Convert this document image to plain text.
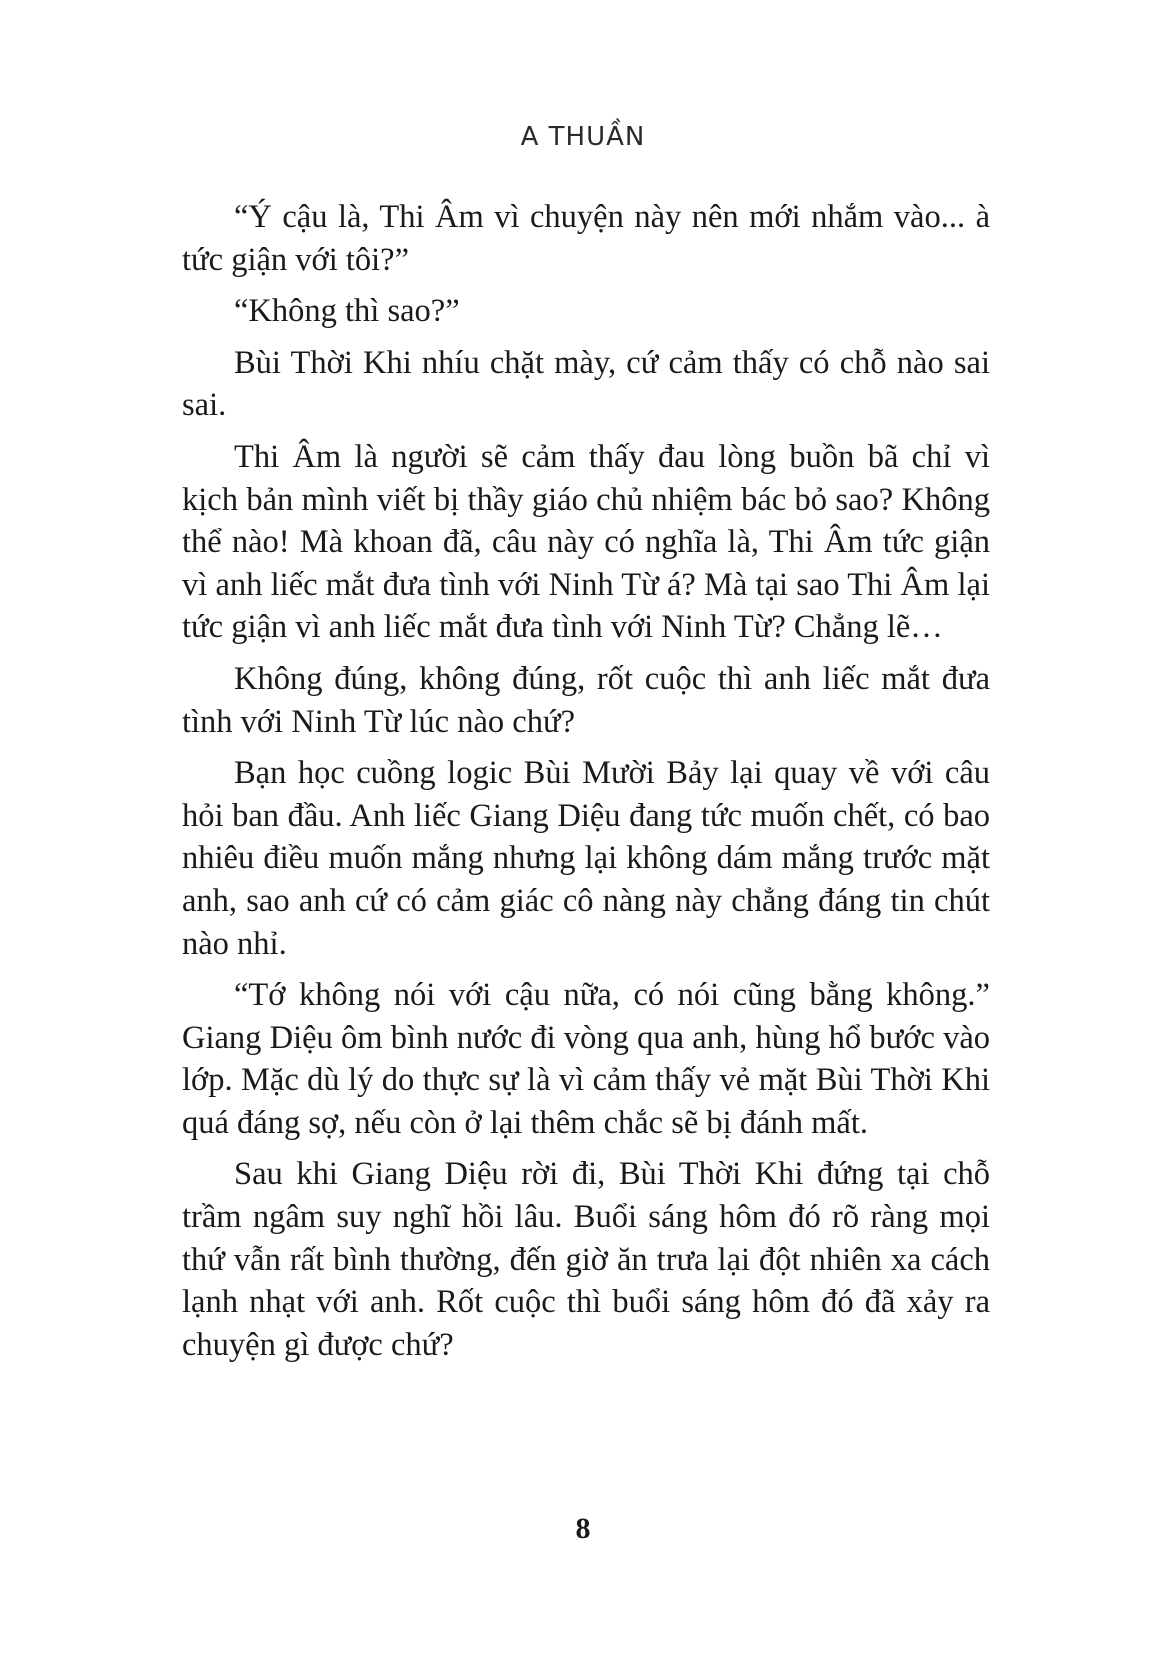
A THUẦN

“Ý cậu là, Thi Âm vì chuyện này nên mới nhắm vào... à tức giận với tôi?”

“Không thì sao?”

Bùi Thời Khi nhíu chặt mày, cứ cảm thấy có chỗ nào sai sai.

Thi Âm là người sẽ cảm thấy đau lòng buồn bã chỉ vì kịch bản mình viết bị thầy giáo chủ nhiệm bác bỏ sao? Không thể nào! Mà khoan đã, câu này có nghĩa là, Thi Âm tức giận vì anh liếc mắt đưa tình với Ninh Từ á? Mà tại sao Thi Âm lại tức giận vì anh liếc mắt đưa tình với Ninh Từ? Chẳng lẽ…

Không đúng, không đúng, rốt cuộc thì anh liếc mắt đưa tình với Ninh Từ lúc nào chứ?

Bạn học cuồng logic Bùi Mười Bảy lại quay về với câu hỏi ban đầu. Anh liếc Giang Diệu đang tức muốn chết, có bao nhiêu điều muốn mắng nhưng lại không dám mắng trước mặt anh, sao anh cứ có cảm giác cô nàng này chẳng đáng tin chút nào nhỉ.

“Tớ không nói với cậu nữa, có nói cũng bằng không.” Giang Diệu ôm bình nước đi vòng qua anh, hùng hổ bước vào lớp. Mặc dù lý do thực sự là vì cảm thấy vẻ mặt Bùi Thời Khi quá đáng sợ, nếu còn ở lại thêm chắc sẽ bị đánh mất.

Sau khi Giang Diệu rời đi, Bùi Thời Khi đứng tại chỗ trầm ngâm suy nghĩ hồi lâu. Buổi sáng hôm đó rõ ràng mọi thứ vẫn rất bình thường, đến giờ ăn trưa lại đột nhiên xa cách lạnh nhạt với anh. Rốt cuộc thì buổi sáng hôm đó đã xảy ra chuyện gì được chứ?

8
